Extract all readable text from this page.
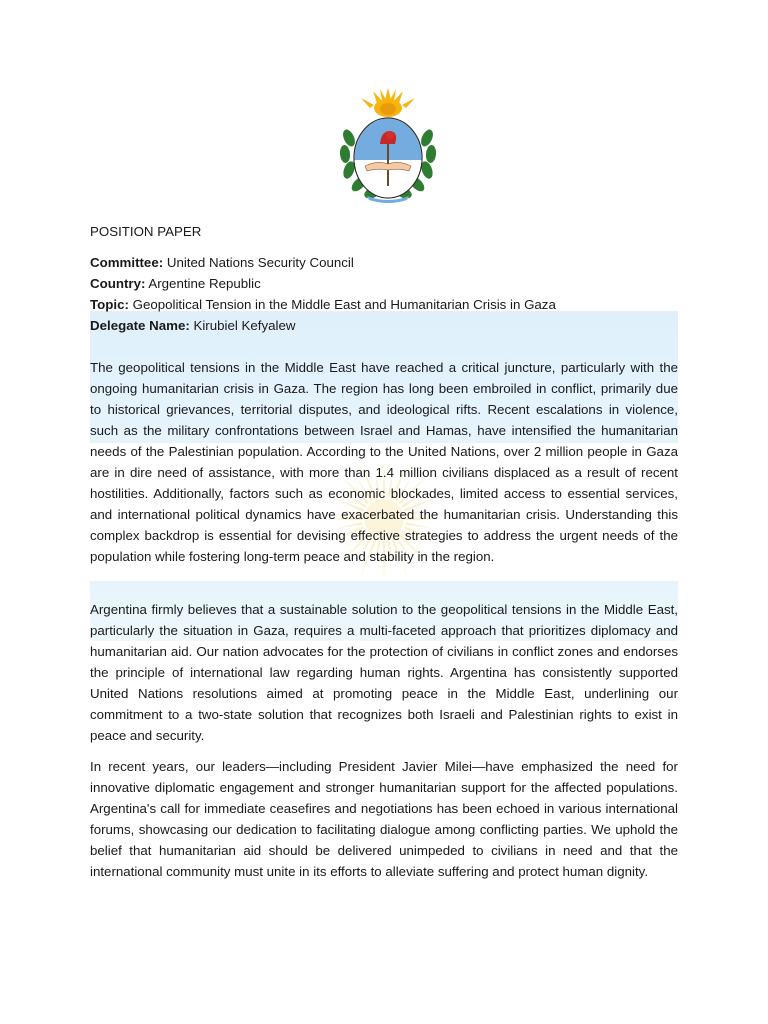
POSITION PAPER

Committee: United Nations Security Council

Country: Argentine Republic

Topic: Geopolitical Tension in the Middle East and Humanitarian Crisis in Gaza

Delegate Name: Kirubiel Kefyalew

The geopolitical tensions in the Middle East have reached a critical juncture, particularly with the ongoing humanitarian crisis in Gaza. The region has long been embroiled in conflict, primarily due to historical grievances, territorial disputes, and ideological rifts. Recent escalations in violence, such as the military confrontations between Israel and Hamas, have intensified the humanitarian needs of the Palestinian population. According to the United Nations, over 2 million people in Gaza are in dire need of assistance, with more than 1.4 million civilians displaced as a result of recent hostilities. Additionally, factors such as economic blockades, limited access to essential services, and international political dynamics have exacerbated the humanitarian crisis. Understanding this complex backdrop is essential for devising effective strategies to address the urgent needs of the population while fostering long-term peace and stability in the region.

Argentina firmly believes that a sustainable solution to the geopolitical tensions in the Middle East, particularly the situation in Gaza, requires a multi-faceted approach that prioritizes diplomacy and humanitarian aid. Our nation advocates for the protection of civilians in conflict zones and endorses the principle of international law regarding human rights. Argentina has consistently supported United Nations resolutions aimed at promoting peace in the Middle East, underlining our commitment to a two-state solution that recognizes both Israeli and Palestinian rights to exist in peace and security.

In recent years, our leaders—including President Javier Milei—have emphasized the need for innovative diplomatic engagement and stronger humanitarian support for the affected populations. Argentina's call for immediate ceasefires and negotiations has been echoed in various international forums, showcasing our dedication to facilitating dialogue among conflicting parties. We uphold the belief that humanitarian aid should be delivered unimpeded to civilians in need and that the international community must unite in its efforts to alleviate suffering and protect human dignity.
